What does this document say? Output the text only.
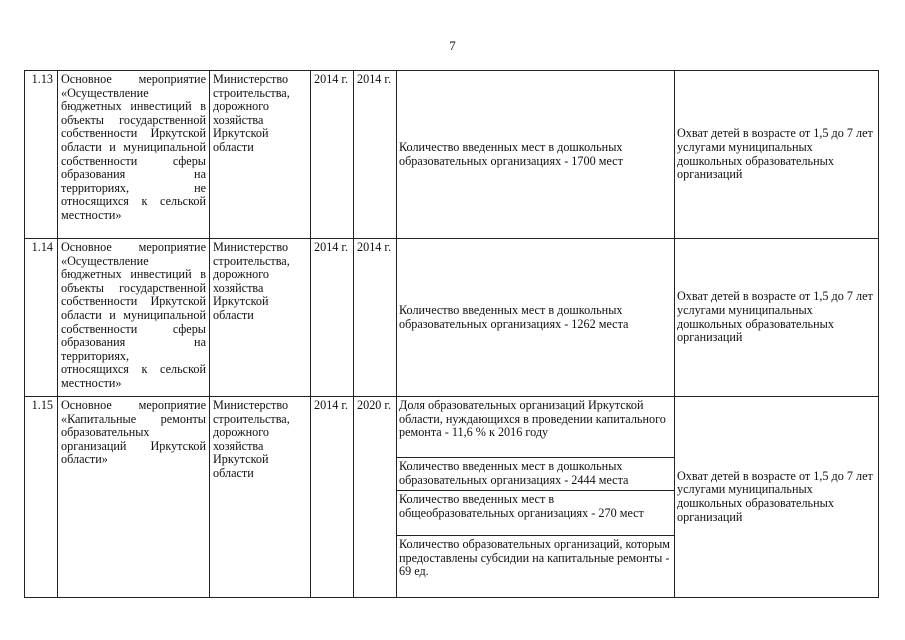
7
1.13 Основное мероприятие
«Осуществление
бюджетных инвестиций в
объекты государственной
собственности Иркутской
области и муниципальной
собственности сферы
образования на
территориях, не
относящихся к сельской
местности»
Министерство строительства, дорожного хозяйства Иркутской области
2014 г. 2014 г.
Количество введенных мест в дошкольных образовательных организациях - 1700 мест
Охват детей в возрасте от 1,5 до 7 лет услугами муниципальных дошкольных образовательных организаций
1.14 Основное мероприятие
«Осуществление
бюджетных инвестиций в
объекты государственной
собственности Иркутской
области и муниципальной
собственности сферы
образования на
территориях,
относящихся к сельской
местности»
Министерство строительства, дорожного хозяйства Иркутской области
2014 г. 2014 г.
Количество введенных мест в дошкольных образовательных организациях - 1262 места
Охват детей в возрасте от 1,5 до 7 лет услугами муниципальных дошкольных образовательных организаций
1.15 Основное мероприятие
«Капитальные ремонты
образовательных
организаций Иркутской
области»
Министерство строительства, дорожного хозяйства Иркутской области
2014 г. 2020 г. Доля образовательных организаций Иркутской области, нуждающихся в проведении капитального ремонта - 11,6 % к 2016 году
Количество введенных мест в дошкольных образовательных организациях - 2444 места
Количество введенных мест в общеобразовательных организациях - 270 мест
Количество образовательных организаций, которым предоставлены субсидии на капитальные ремонты - 69 ед.
Охват детей в возрасте от 1,5 до 7 лет услугами муниципальных дошкольных образовательных организаций
